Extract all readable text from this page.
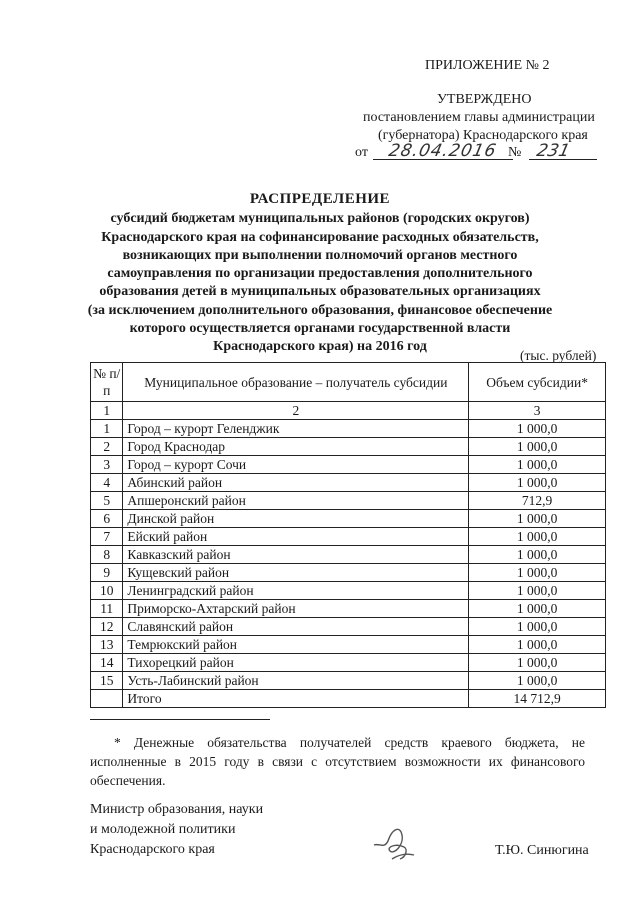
ПРИЛОЖЕНИЕ № 2
УТВЕРЖДЕНО
постановлением главы администрации
(губернатора) Краснодарского края
от 28.04.2016 № 231
РАСПРЕДЕЛЕНИЕ
субсидий бюджетам муниципальных районов (городских округов)
Краснодарского края на софинансирование расходных обязательств,
возникающих при выполнении полномочий органов местного
самоуправления по организации предоставления дополнительного
образования детей в муниципальных образовательных организациях
(за исключением дополнительного образования, финансовое обеспечение
которого осуществляется органами государственной власти
Краснодарского края) на 2016 год
(тыс. рублей)
№ п/п	Муниципальное образование – получатель субсидии	Объем субсидии*
1	2	3
1	Город – курорт Геленджик	1 000,0
2	Город Краснодар	1 000,0
3	Город – курорт Сочи	1 000,0
4	Абинский район	1 000,0
5	Апшеронский район	712,9
6	Динской район	1 000,0
7	Ейский район	1 000,0
8	Кавказский район	1 000,0
9	Кущевский район	1 000,0
10	Ленинградский район	1 000,0
11	Приморско-Ахтарский район	1 000,0
12	Славянский район	1 000,0
13	Темрюкский район	1 000,0
14	Тихорецкий район	1 000,0
15	Усть-Лабинский район	1 000,0
	Итого	14 712,9
* Денежные обязательства получателей средств краевого бюджета, не исполненные в 2015 году в связи с отсутствием возможности их финансового обеспечения.
Министр образования, науки
и молодежной политики
Краснодарского края	Т.Ю. Синюгина
